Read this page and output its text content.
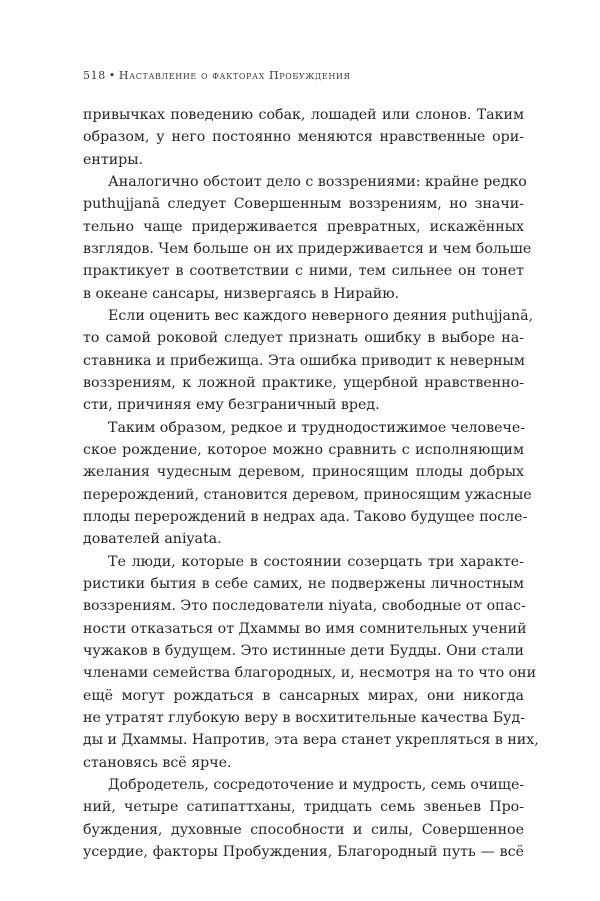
518 • Наставление о факторах Пробуждения
привычках поведению собак, лошадей или слонов. Таким
образом, у него постоянно меняются нравственные ори-
ентиры.
Аналогично обстоит дело с воззрениями: крайне редко
puthujjanā следует Совершенным воззрениям, но значи-
тельно чаще придерживается превратных, искажённых
взглядов. Чем больше он их придерживается и чем больше
практикует в соответствии с ними, тем сильнее он тонет
в океане сансары, низвергаясь в Нирайю.
Если оценить вес каждого неверного деяния puthujjanā,
то самой роковой следует признать ошибку в выборе на-
ставника и прибежища. Эта ошибка приводит к неверным
воззрениям, к ложной практике, ущербной нравственно-
сти, причиняя ему безграничный вред.
Таким образом, редкое и труднодостижимое человече-
ское рождение, которое можно сравнить с исполняющим
желания чудесным деревом, приносящим плоды добрых
перерождений, становится деревом, приносящим ужасные
плоды перерождений в недрах ада. Таково будущее после-
дователей aniyata.
Те люди, которые в состоянии созерцать три характе-
ристики бытия в себе самих, не подвержены личностным
воззрениям. Это последователи niyata, свободные от опас-
ности отказаться от Дхаммы во имя сомнительных учений
чужаков в будущем. Это истинные дети Будды. Они стали
членами семейства благородных, и, несмотря на то что они
ещё могут рождаться в сансарных мирах, они никогда
не утратят глубокую веру в восхитительные качества Буд-
ды и Дхаммы. Напротив, эта вера станет укрепляться в них,
становясь всё ярче.
Добродетель, сосредоточение и мудрость, семь очище-
ний, четыре сатипаттханы, тридцать семь звеньев Про-
буждения, духовные способности и силы, Совершенное
усердие, факторы Пробуждения, Благородный путь — всё
